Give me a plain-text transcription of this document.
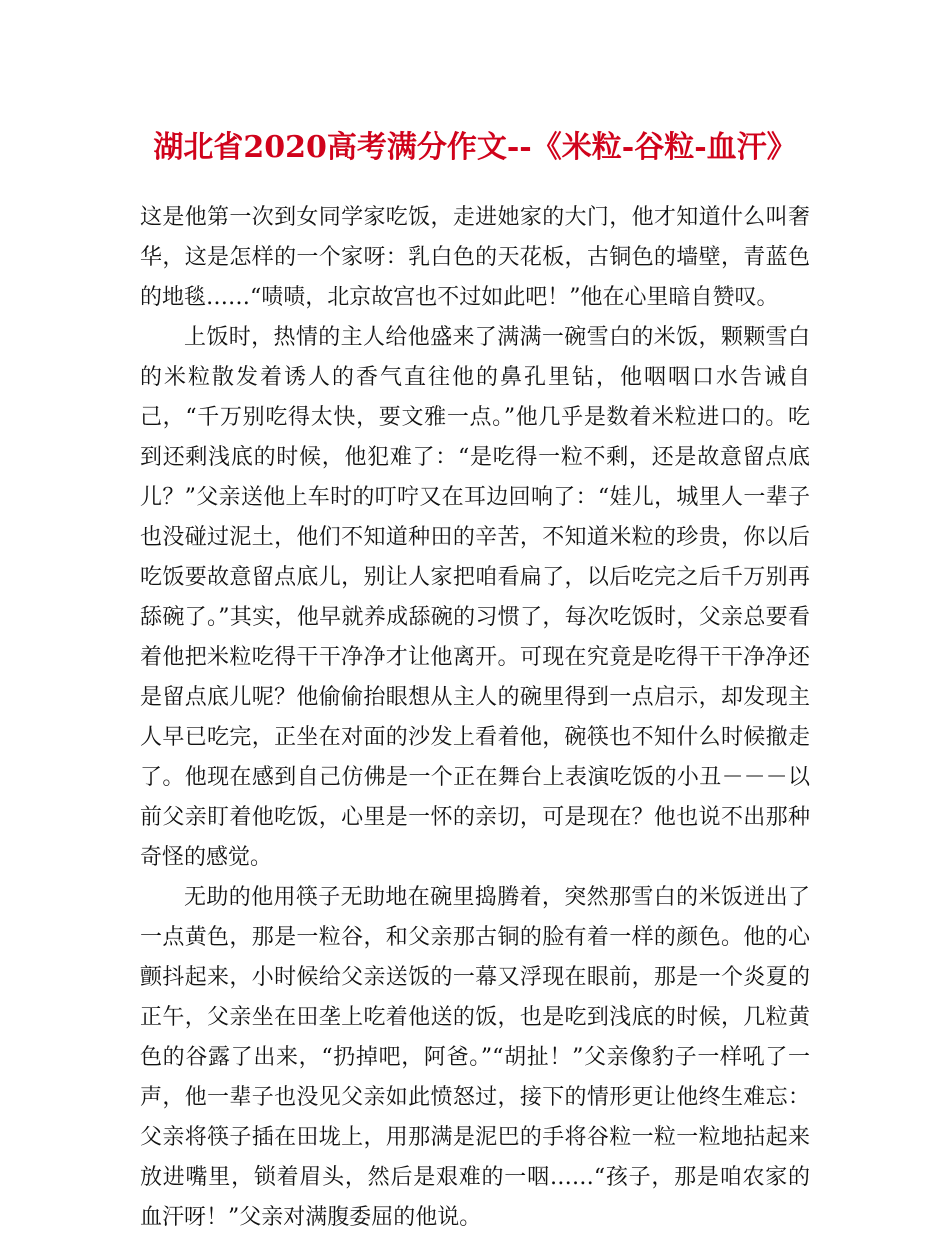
湖北省2020高考满分作文--《米粒-谷粒-血汗》

这是他第一次到女同学家吃饭，走进她家的大门，他才知道什么叫奢华，这是怎样的一个家呀：乳白色的天花板，古铜色的墙壁，青蓝色的地毯……“啧啧，北京故宫也不过如此吧！”他在心里暗自赞叹。

上饭时，热情的主人给他盛来了满满一碗雪白的米饭，颗颗雪白的米粒散发着诱人的香气直往他的鼻孔里钻，他咽咽口水告诫自己，“千万别吃得太快，要文雅一点。”他几乎是数着米粒进口的。吃到还剩浅底的时候，他犯难了：“是吃得一粒不剩，还是故意留点底儿？”父亲送他上车时的叮咛又在耳边回响了：“娃儿，城里人一辈子也没碰过泥土，他们不知道种田的辛苦，不知道米粒的珍贵，你以后吃饭要故意留点底儿，别让人家把咱看扁了，以后吃完之后千万别再舔碗了。”其实，他早就养成舔碗的习惯了，每次吃饭时，父亲总要看着他把米粒吃得干干净净才让他离开。可现在究竟是吃得干干净净还是留点底儿呢？他偷偷抬眼想从主人的碗里得到一点启示，却发现主人早已吃完，正坐在对面的沙发上看着他，碗筷也不知什么时候撤走了。他现在感到自己仿佛是一个正在舞台上表演吃饭的小丑－－－以前父亲盯着他吃饭，心里是一怀的亲切，可是现在？他也说不出那种奇怪的感觉。

无助的他用筷子无助地在碗里捣腾着，突然那雪白的米饭迸出了一点黄色，那是一粒谷，和父亲那古铜的脸有着一样的颜色。他的心颤抖起来，小时候给父亲送饭的一幕又浮现在眼前，那是一个炎夏的正午，父亲坐在田垄上吃着他送的饭，也是吃到浅底的时候，几粒黄色的谷露了出来，“扔掉吧，阿爸。”“胡扯！”父亲像豹子一样吼了一声，他一辈子也没见父亲如此愤怒过，接下的情形更让他终生难忘：父亲将筷子插在田垅上，用那满是泥巴的手将谷粒一粒一粒地拈起来放进嘴里，锁着眉头，然后是艰难的一咽……“孩子，那是咱农家的血汗呀！”父亲对满腹委屈的他说。
